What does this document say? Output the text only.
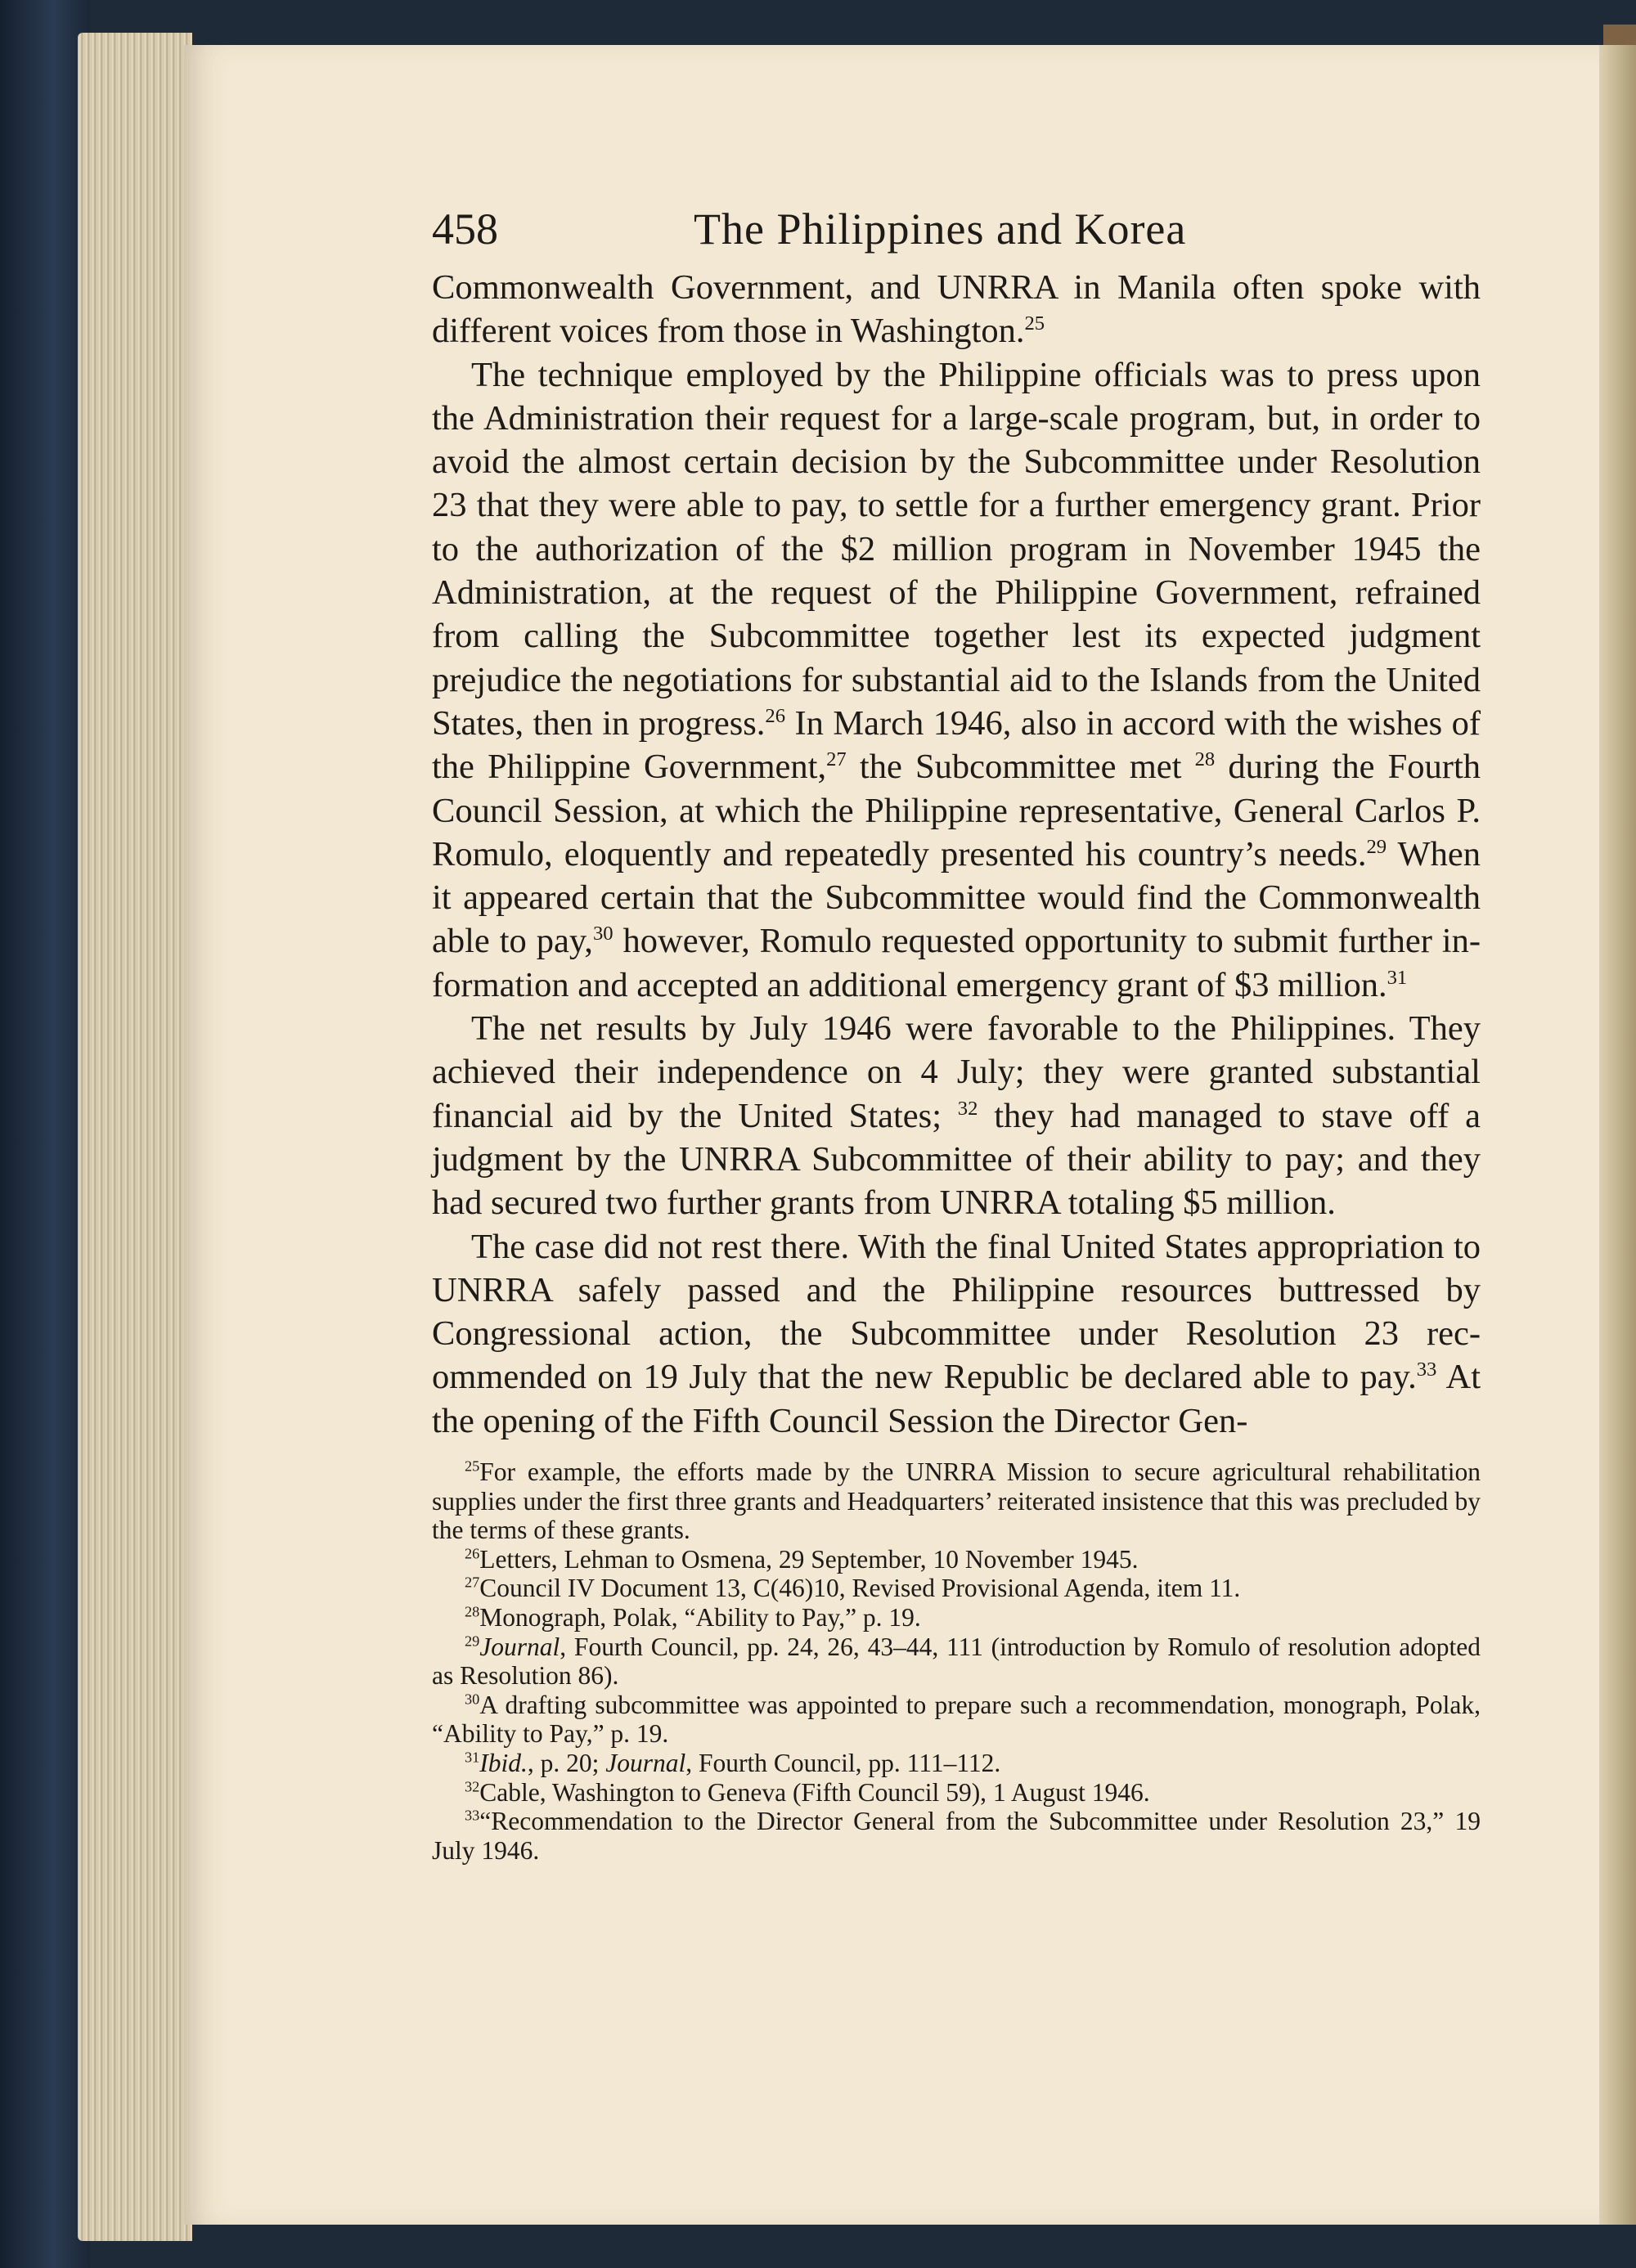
458	The Philippines and Korea

Commonwealth Government, and UNRRA in Manila often spoke with different voices from those in Washington.$^{25}$

The technique employed by the Philippine officials was to press upon the Administration their request for a large-scale program, but, in order to avoid the almost certain decision by the Subcommittee under Resolution 23 that they were able to pay, to settle for a further emergency grant. Prior to the authorization of the $2 million program in November 1945 the Administration, at the request of the Philippine Government, refrained from calling the Subcommittee together lest its expected judgment prejudice the negotiations for substantial aid to the Islands from the United States, then in progress.$^{26}$ In March 1946, also in accord with the wishes of the Philippine Government,$^{27}$ the Subcommittee met $^{28}$ during the Fourth Council Session, at which the Philippine representative, General Carlos P. Romulo, eloquently and repeatedly presented his country’s needs.$^{29}$ When it appeared certain that the Subcommittee would find the Commonwealth able to pay,$^{30}$ however, Romulo requested opportunity to submit further information and accepted an additional emergency grant of $3 million.$^{31}$

The net results by July 1946 were favorable to the Philippines. They achieved their independence on 4 July; they were granted substantial financial aid by the United States; $^{32}$ they had managed to stave off a judgment by the UNRRA Subcommittee of their ability to pay; and they had secured two further grants from UNRRA totaling $5 million.

The case did not rest there. With the final United States appropriation to UNRRA safely passed and the Philippine resources buttressed by Congressional action, the Subcommittee under Resolution 23 recommended on 19 July that the new Republic be declared able to pay.$^{33}$ At the opening of the Fifth Council Session the Director Gen-

$^{25}$For example, the efforts made by the UNRRA Mission to secure agricultural rehabilitation supplies under the first three grants and Headquarters’ reiterated insistence that this was precluded by the terms of these grants.

$^{26}$Letters, Lehman to Osmena, 29 September, 10 November 1945.

$^{27}$Council IV Document 13, C(46)10, Revised Provisional Agenda, item 11.

$^{28}$Monograph, Polak, “Ability to Pay,” p. 19.

$^{29}$Journal, Fourth Council, pp. 24, 26, 43–44, 111 (introduction by Romulo of resolution adopted as Resolution 86).

$^{30}$A drafting subcommittee was appointed to prepare such a recommendation, monograph, Polak, “Ability to Pay,” p. 19.

$^{31}$Ibid., p. 20; Journal, Fourth Council, pp. 111–112.

$^{32}$Cable, Washington to Geneva (Fifth Council 59), 1 August 1946.

$^{33}$“Recommendation to the Director General from the Subcommittee under Resolution 23,” 19 July 1946.
